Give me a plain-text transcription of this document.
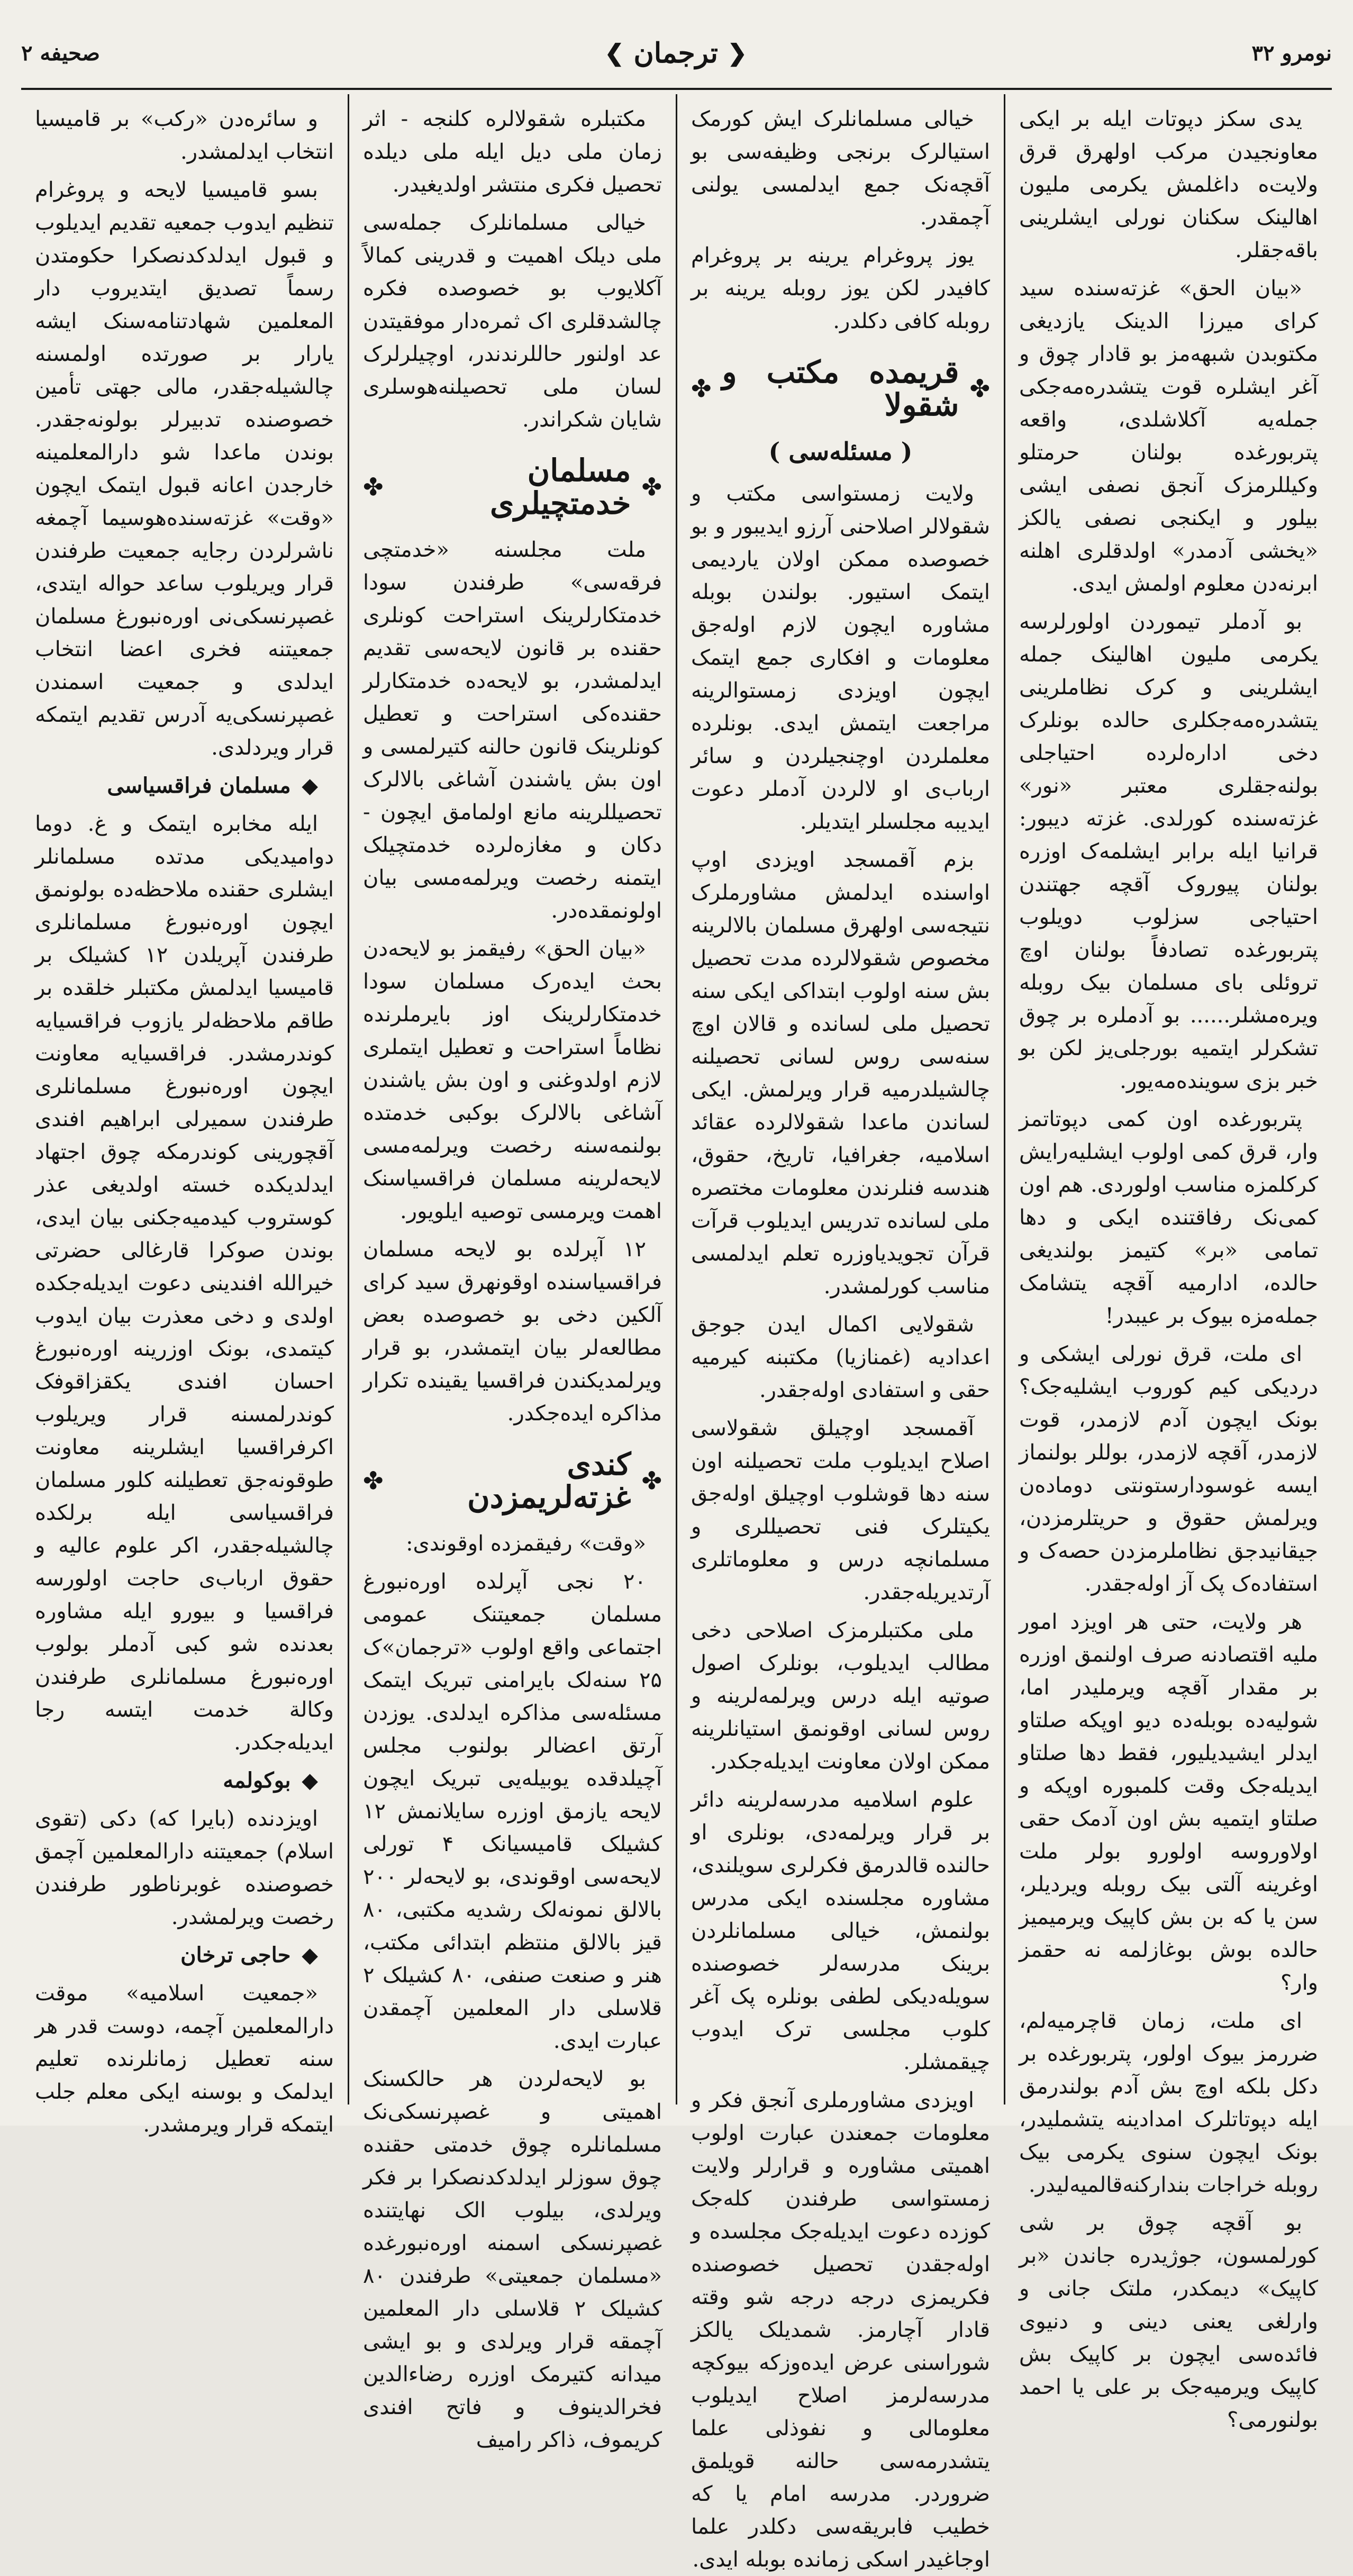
نومرو ۳۲
❮
ترجمان
❯
صحیفه ۲

یدی سکز دپوتات ایله بر ایکی معاونجیدن مرکب اولهرق قرق ولایت‌ه داغلمش یکرمی ملیون اهالینک سکنان نورلی ایشلرینی باقه‌جقلر.

«بیان الحق» غزته‌سنده سید کرای میرزا الدینک یازدیغی مکتوبدن شبهه‌مز بو قادار چوق و آغر ایشلره قوت یتشدره‌مه‌جکی جمله‌یه آکلاشلدی، واقعه پتربورغده بولنان حرمتلو وکیللرمزک آنجق نصفی ایشی بیلور و ایکنجی نصفی یالکز «یخشی آدمدر» اولدقلری اهلنه ابرنه‌دن معلوم اولمش ایدی.

بو آدملر تیموردن اولورلرسه یکرمی ملیون اهالینک جمله ایشلرینی و کرک نظاملرینی یتشدره‌مه‌جکلری حالده بونلرک دخی اداره‌لرده احتیاجلی بولنه‌جقلری معتبر «نور» غزته‌سنده کورلدی. غزته دیبور: قرانیا ایله برابر ایشلمه‌ک اوزره بولنان پیوروک آقچه جهتندن احتیاجی سزلوب دویلوب پتربورغده تصادفاً بولنان اوچ تروئلی بای مسلمان بیک روبله ویره‌مشلر...... بو آدملره بر چوق تشکرلر ایتمیه بورجلی‌یز لکن بو خبر بزی سوینده‌مه‌یور.

پتربورغده اون کمی دپوتاتمز وار، قرق کمی اولوب ایشلیه‌رایش کرکلمزه مناسب اولوردی. هم اون کمی‌نک رفاقتنده ایکی و دها تمامی «بر» کتیمز بولندیغی حالده، ادارمیه آقچه یتشامک جمله‌مزه بیوک بر عیبدر!

ای ملت، قرق نورلی ایشکی و دردیکی کیم کوروب ایشلیه‌جک؟ بونک ایچون آدم لازمدر، قوت لازمدر، آقچه لازمدر، بوللر بولنماز ایسه غوسودارستونتی دوماده‌ن ویرلمش حقوق و حریتلرمزدن، جیقانیدجق نظاملرمزدن حصه‌ک و استفاده‌ک پک آز اوله‌جقدر.

هر ولایت، حتی هر اویزد امور ملیه اقتصادنه صرف اولنمق اوزره بر مقدار آقچه ویرملیدر اما، شولیه‌ده بوبله‌ده دیو اوپکه صلتاو ایدلر ایشیدیلیور، فقط دها صلتاو ایدیله‌جک وقت کلمبوره اوپکه و صلتاو ایتمیه بش اون آدمک حقی اولاوروسه اولورو بولر ملت اوغرینه آلتی بیک روبله ویردیلر، سن یا که بن بش کاپیک ویرمیمیز حالده بوش بوغازلمه نه حقمز وار؟

ای ملت، زمان قاچرمیه‌لم، ضررمز بیوک اولور، پتربورغده بر دکل بلکه اوچ بش آدم بولندرمق ایله دپوتاتلرک امدادینه یتشملیدر، بونک ایچون سنوی یکرمی بیک روبله خراجات بنداركنه‌قالمیه‌لیدر.

بو آقچه چوق بر شی کورلمسون، جوژیدره جاندن «بر کاپیک» دیمکدر، ملتک جانی و وارلغی یعنی دینی و دنیوی فائده‌سی ایچون بر کاپیک بش کاپیک ویرمیه‌جک بر علی یا احمد بولنورمی؟

خیالی مسلمانلرک ایش کورمک استیالرک برنجی وظیفه‌سی بو آقچه‌نک جمع ایدلمسی یولنی آچمقدر.

یوز پروغرام یرینه بر پروغرام کافیدر لکن یوز روبله یرینه بر روبله کافی دکلدر.

✤
قریمده مکتب و شقولا
✤
( مسئله‌سی )

ولایت زمستواسی مکتب و شقولالر اصلاحنی آرزو ایدیبور و بو خصوصده ممکن اولان یاردیمی ایتمک استیور. بولندن بوبله مشاوره ایچون لازم اوله‌جق معلومات و افکاری جمع ایتمک ایچون اویزدی زمستوالرینه مراجعت ایتمش ایدی. بونلرده معلملردن اوچنجیلردن و سائر ارباب‌ی او لالردن آدملر دعوت ایدیبه مجلسلر ایتدیلر.

بزم آقمسجد اویزدی اوپ اواسنده ایدلمش مشاورملرک نتیجه‌سی اولهرق مسلمان بالالرینه مخصوص شقولالرده مدت تحصیل بش سنه اولوب ابتداکی ایکی سنه تحصیل ملی لسانده و قالان اوچ سنه‌سی روس لسانی تحصیلنه چالشیلدرمیه قرار ویرلمش. ایکی لساندن ماعدا شقولالرده عقائد اسلامیه، جغرافیا، تاریخ، حقوق، هندسه فنلرندن معلومات مختصره ملی لسانده تدریس ایدیلوب قرآت قرآن تجویدیاوزره تعلم ایدلمسی مناسب کورلمشدر.

شقولایی اکمال ایدن جوجق اعدادیه (غمنازیا) مکتبنه کیرمیه حقی و استفادی اوله‌جقدر.

آقمسجد اوچیلق شقولاسی اصلاح ایدیلوب ملت تحصیلنه اون سنه دها قوشلوب اوچیلق اوله‌جق یکیتلرک فنی تحصیللری و مسلمانچه درس و معلوماتلری آرتدیریله‌جقدر.

ملی مکتبلرمزک اصلاحی دخی مطالب ایدیلوب، بونلرک اصول صوتیه ایله درس ویرلمه‌لرینه و روس لسانی اوقونمق استیانلرینه ممکن اولان معاونت ایدیله‌جکدر.

علوم اسلامیه مدرسه‌لرینه دائر بر قرار ویرلمه‌دی، بونلری او حالنده قالدرمق فکرلری سویلندی، مشاوره مجلسنده ایکی مدرس بولنمش، خیالی مسلمانلردن برینک مدرسه‌لر خصوصنده سویله‌دیکی لطفی بونلره پک آغر کلوب مجلسی ترک ایدوب چیقمشلر.

اویزدی مشاورملری آنجق فکر و معلومات جمعندن عبارت اولوب اهمیتی مشاوره و قرارلر ولایت زمستواسی طرفندن کله‌جک کوزده دعوت ایدیله‌جک مجلسده و اوله‌جقدن تحصیل خصوصنده فکریمزی درجه درجه شو وقته قادار آچارمز. شمدیلک یالکز شوراسنی عرض ایده‌وزکه بیوکچه مدرسه‌لرمز اصلاح ایدیلوب معلومالی و نفوذلی علما یتشدرمه‌سی حالنه قویلمق ضروردر. مدرسه امام یا که خطیب فابریقه‌سی دکلدر علما اوجاغیدر اسکی زمانده بوبله ایدی.

مکتبلره شقولالره کلنجه - اثر زمان ملی دیل ایله ملی دیلده تحصیل فکری منتشر اولدیغیدر.

خیالی مسلمانلرک جمله‌سی ملی دیلک اهمیت و قدرینی کمالاً آکلایوب بو خصوصده فکره چالشدقلری اک ثمره‌دار موفقیتدن عد اولنور حاللرندندر، اوچیلرلرک لسان ملی تحصیلنه‌هوسلری شایان شکراندر.

✤
مسلمان خدمتچیلری
✤

ملت مجلسنه «خدمتچی فرقه‌سی» طرفندن سودا خدمتکارلرینک استراحت کونلری حقنده بر قانون لایحه‌سی تقدیم ایدلمشدر، بو لایحه‌ده خدمتکارلر حقنده‌کی استراحت و تعطیل کونلرینک قانون حالنه کتیرلمسی و اون بش یاشندن آشاغی بالالرک تحصیللرینه مانع اولمامق ایچون - دکان و مغازه‌لرده خدمتچیلک ایتمنه رخصت ویرلمه‌مسی بیان اولونمقده‌در.

«بیان الحق» رفیقمز بو لایحه‌دن بحث ایده‌رک مسلمان سودا خدمتکارلرینک اوز بایرملرنده نظاماً استراحت و تعطیل ایتملری لازم اولدوغنی و اون بش یاشندن آشاغی بالالرک بوکبی خدمتده بولنمه‌سنه رخصت ویرلمه‌مسی لایحه‌لرینه مسلمان فراقسیاسنک اهمت ویرمسی توصیه ایلویور.

۱۲ آپرلده بو لایحه مسلمان فراقسیاسنده اوقونهرق سید کرای آلکین دخی بو خصوصده بعض مطالعه‌لر بیان ایتمشدر، بو قرار ویرلمدیکندن فراقسیا یقینده تکرار مذاکره ایده‌جکدر.

✤
کندی غزته‌لریمزدن
✤

«وقت» رفیقمزده اوقوندی:

۲۰ نجی آپرلده اوره‌نبورغ مسلمان جمعیتنک عمومی اجتماعی واقع اولوب «ترجمان»ک ۲۵ سنه‌لک بایرامنی تبریک ایتمک مسئله‌سی مذاکره ایدلدی. یوزدن آرتق اعضالر بولنوب مجلس آچیلدقده یوبیله‌یی تبریک ایچون لایحه یازمق اوزره سایلانمش ۱۲ کشیلک قامیسیانک ۴ تورلی لایحه‌سی اوقوندی، بو لایحه‌لر ۲۰۰ بالالق نمونه‌لک رشدیه مکتبی، ۸۰ قیز بالالق منتظم ابتدائی مکتب، هنر و صنعت صنفی، ۸۰ کشیلک ۲ قلاسلی دار المعلمین آچمقدن عبارت ایدی.

بو لایحه‌لردن هر حالکسنک اهمیتی و غصپرنسکی‌نک مسلمانلره چوق خدمتی حقنده چوق سوزلر ایدلدکدنصکرا بر فکر ویرلدی، بیلوب الک نهایتنده غصپرنسکی اسمنه اوره‌نبورغده «مسلمان جمعیتی» طرفندن ۸۰ کشیلک ۲ قلاسلی دار المعلمین آچمقه قرار ویرلدی و بو ایشی میدانه کتیرمک اوزره رضاءالدین فخرالدینوف و فاتح افندی کریموف، ذاکر رامیف

و سائره‌دن «رکب» بر قامیسیا انتخاب ایدلمشدر.

بسو قامیسیا لایحه و پروغرام تنظیم ایدوب جمعیه تقدیم ایدیلوب و قبول ایدلدکدنصکرا حکومتدن رسماً تصدیق ایتدیروب دار المعلمین شهادتنامه‌سنک ایشه یارار بر صورتده اولمسنه چالشیله‌جقدر، مالی جهتی تأمین خصوصنده تدبیرلر بولونه‌جقدر. بوندن ماعدا شو دارالمعلمینه خارجدن اعانه قبول ایتمک ایچون «وقت» غزته‌سنده‌هوسیما آچمغه ناشرلردن رجایه جمعیت طرفندن قرار ویریلوب ساعد حواله ایتدی، غصپرنسکی‌نی اوره‌نبورغ مسلمان جمعیتنه فخری اعضا انتخاب ایدلدی و جمعیت اسمندن غصپرنسکی‌یه آدرس تقدیم ایتمکه قرار ویردلدی.

◆ مسلمان فراقسیاسی

ایله مخابره ایتمک و غ. دوما دوامیدیکی مدتده مسلمانلر ایشلری حقنده ملاحظه‌ده بولونمق ایچون اوره‌نبورغ مسلمانلری طرفندن آپریلدن ۱۲ کشیلک بر قامیسیا ایدلمش مکتبلر خلقده بر طاقم ملاحظه‌لر یازوب فراقسیایه کوندرمشدر. فراقسیایه معاونت ایچون اوره‌نبورغ مسلمانلری طرفندن سمیرلی ابراهیم افندی آقچورینی کوندرمکه چوق اجتهاد ایدلدیکده خسته اولدیغی عذر کوستروب کیدمیه‌جکنی بیان ایدی، بوندن صوکرا قارغالی حضرتی خیرالله افندینی دعوت ایدیله‌جکده اولدی و دخی معذرت بیان ایدوب کیتمدی، بونک اوزرینه اوره‌نبورغ احسان افندی یکقزاقوفک کوندرلمسنه قرار ویریلوب اکرفراقسیا ایشلرینه معاونت طوقونه‌جق تعطیلنه کلور مسلمان فراقسیاسی ایله برلکده چالشیله‌جقدر، اکر علوم عالیه و حقوق ارباب‌ی حاجت اولورسه فراقسیا و بیورو ایله مشاوره بعدنده شو کبی آدملر بولوب اوره‌نبورغ مسلمانلری طرفندن وکالة خدمت ایتسه رجا ایدیله‌جکدر.

◆ بوکولمه

اویزدنده (بایرا که) دکی (تقوی اسلام) جمعیتنه دارالمعلمین آچمق خصوصنده غوبرناطور طرفندن رخصت ویرلمشدر.

◆ حاجی ترخان

«جمعیت اسلامیه» موقت دارالمعلمین آچمه، دوست قدر هر سنه تعطیل زمانلرنده تعلیم ایدلمک و بوسنه ایکی معلم جلب ایتمکه قرار ویرمشدر.
